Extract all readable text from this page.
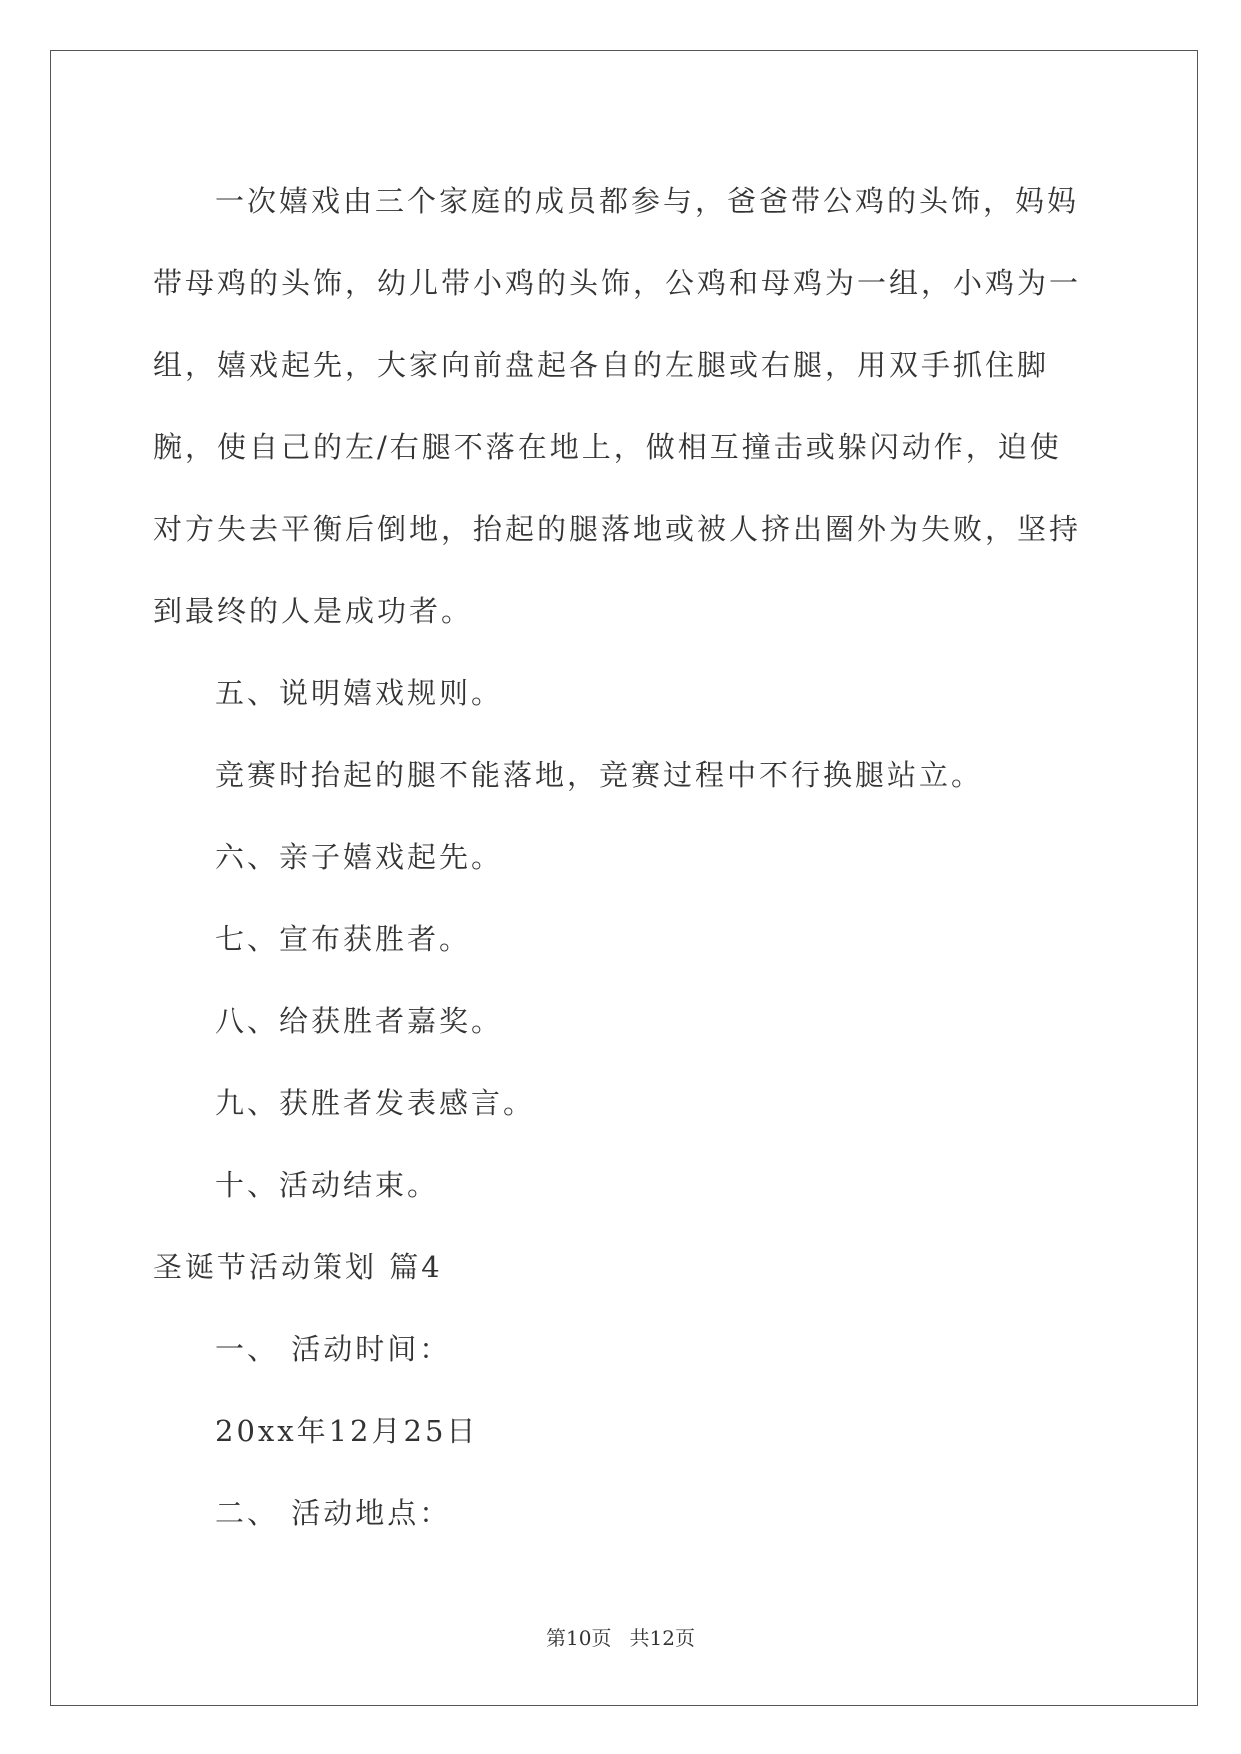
一次嬉戏由三个家庭的成员都参与，爸爸带公鸡的头饰，妈妈带母鸡的头饰，幼儿带小鸡的头饰，公鸡和母鸡为一组，小鸡为一组，嬉戏起先，大家向前盘起各自的左腿或右腿，用双手抓住脚腕，使自己的左/右腿不落在地上，做相互撞击或躲闪动作，迫使对方失去平衡后倒地，抬起的腿落地或被人挤出圈外为失败，坚持到最终的人是成功者。

五、说明嬉戏规则。

竞赛时抬起的腿不能落地，竞赛过程中不行换腿站立。

六、亲子嬉戏起先。

七、宣布获胜者。

八、给获胜者嘉奖。

九、获胜者发表感言。

十、活动结束。

圣诞节活动策划 篇4

一、 活动时间：

20xx年12月25日

二、 活动地点：

第10页 共12页
